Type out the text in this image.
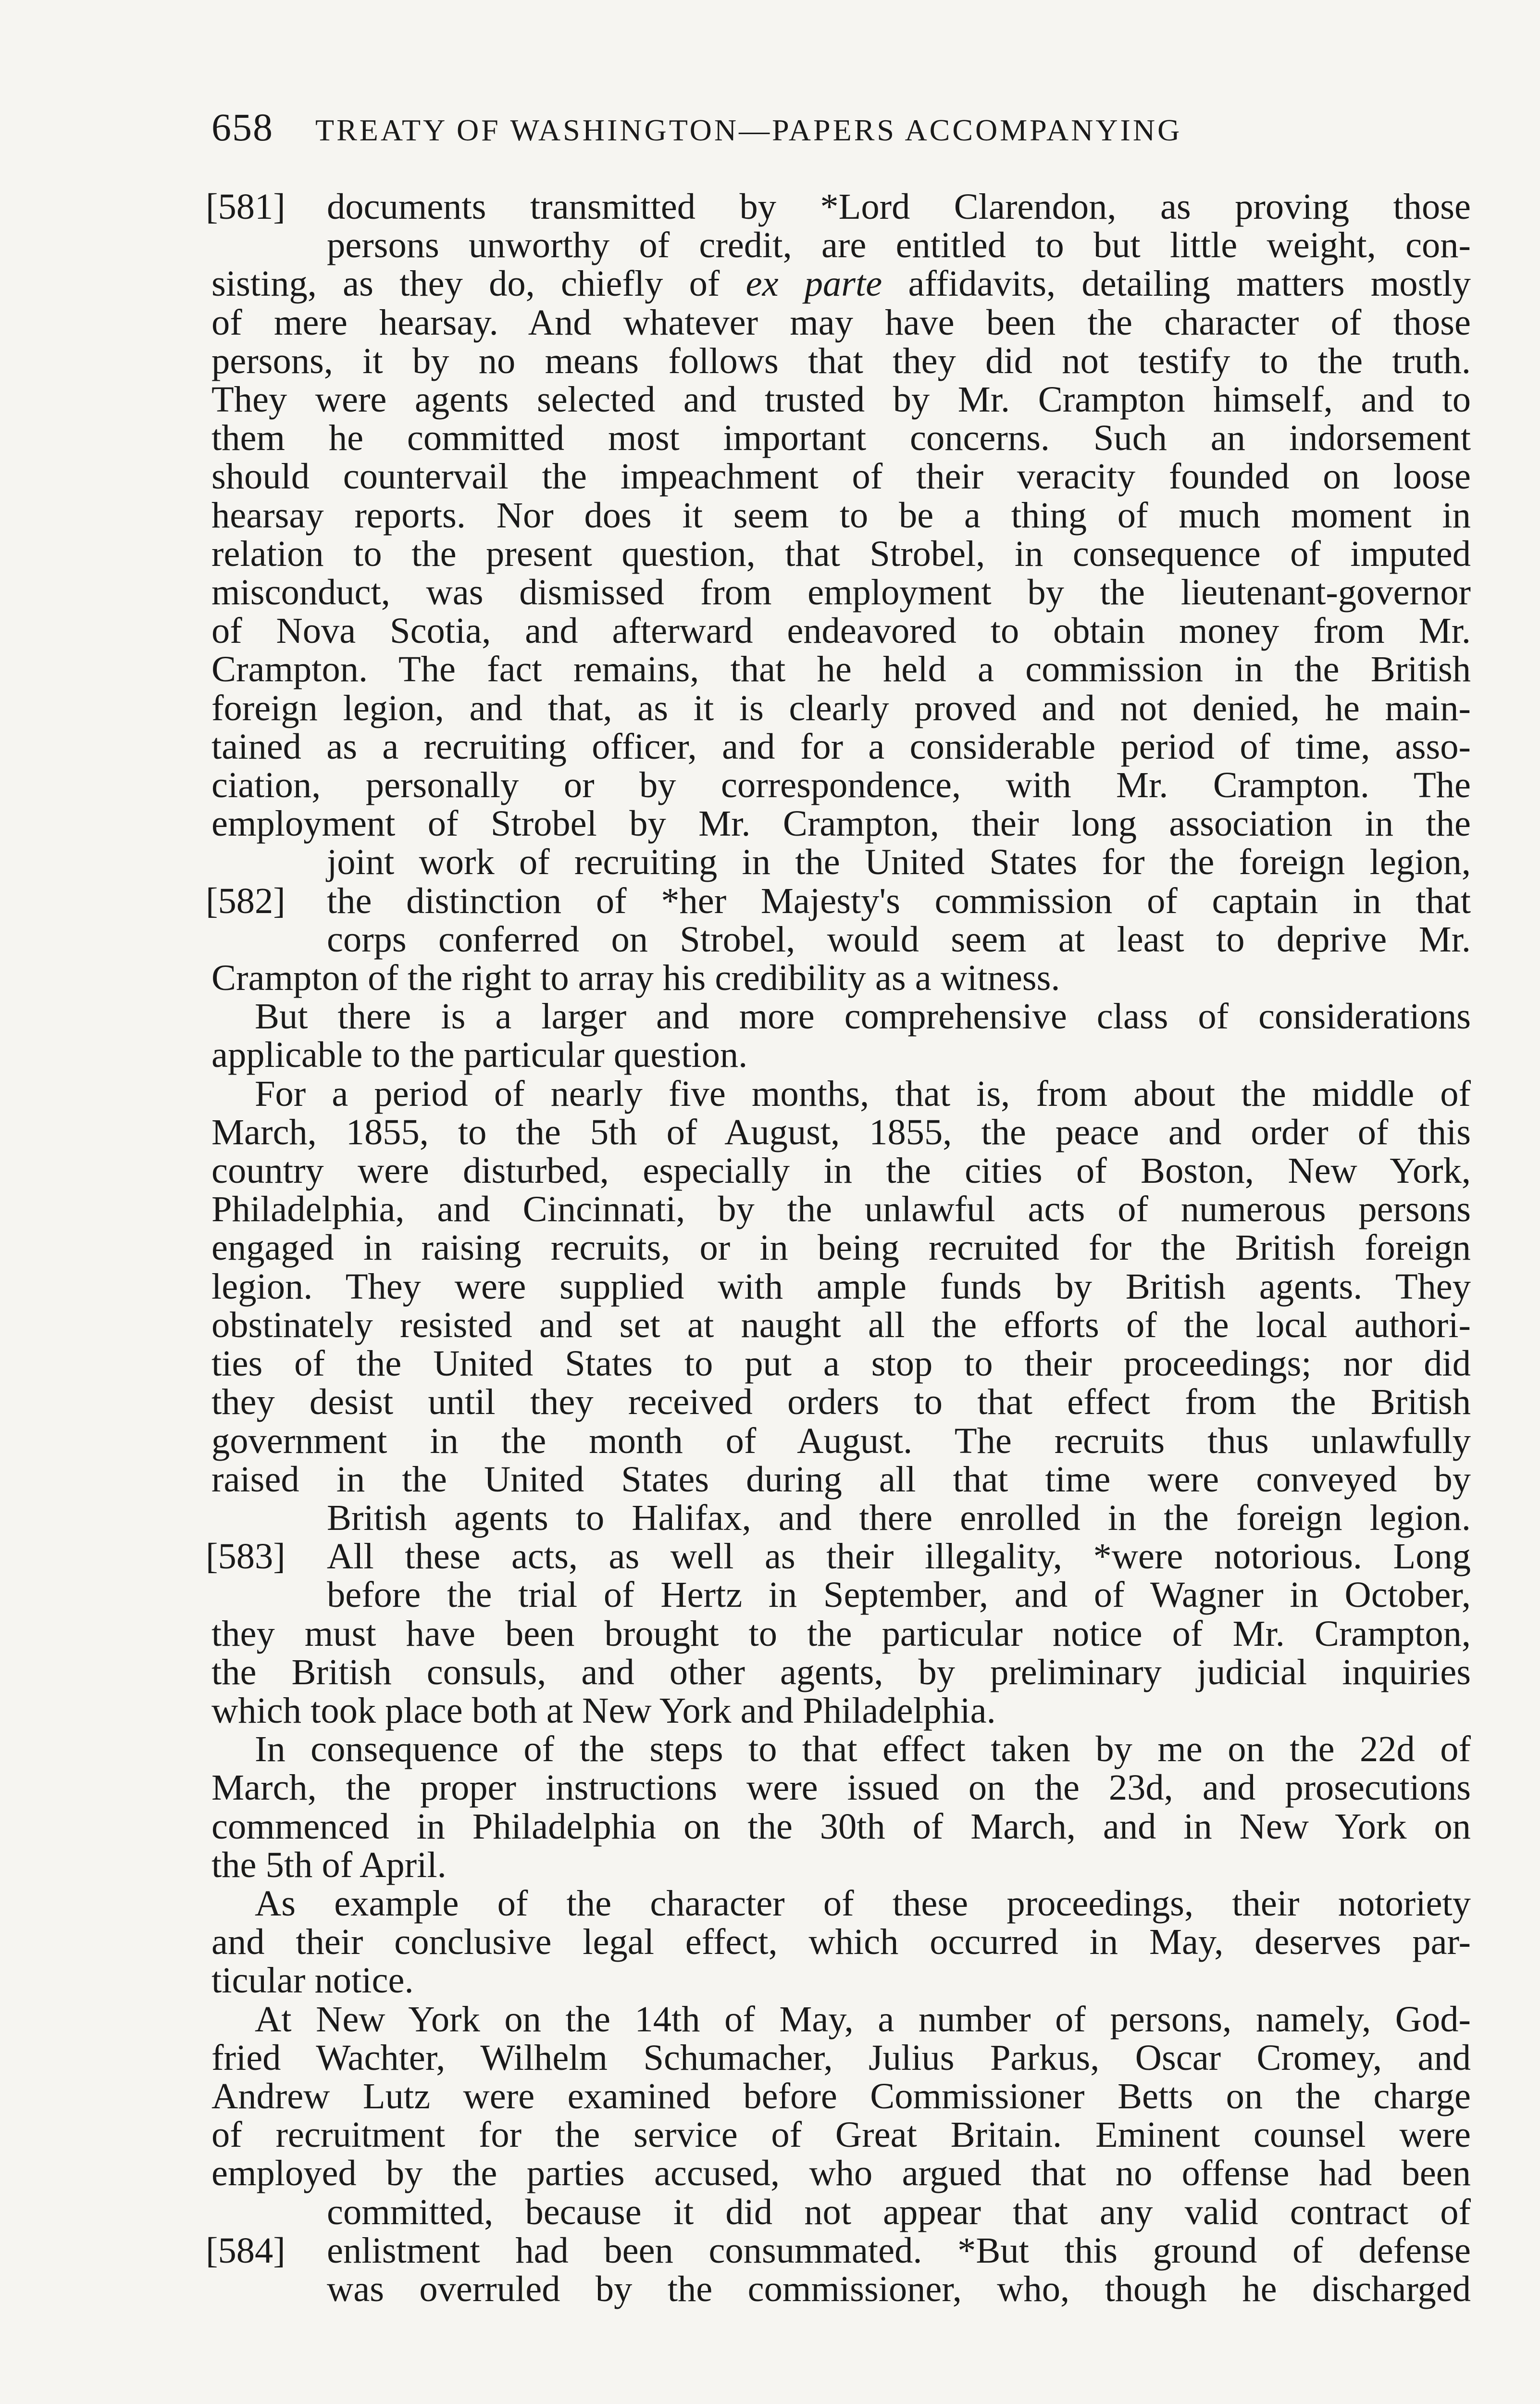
658 TREATY OF WASHINGTON—PAPERS ACCOMPANYING
[581]
[582]
[583]
[584]
documents transmitted by *Lord Clarendon, as proving those
persons unworthy of credit, are entitled to but little weight, con-
sisting, as they do, chiefly of ex parte affidavits, detailing matters mostly
of mere hearsay. And whatever may have been the character of those
persons, it by no means follows that they did not testify to the truth.
They were agents selected and trusted by Mr. Crampton himself, and to
them he committed most important concerns. Such an indorsement
should countervail the impeachment of their veracity founded on loose
hearsay reports. Nor does it seem to be a thing of much moment in
relation to the present question, that Strobel, in consequence of imputed
misconduct, was dismissed from employment by the lieutenant-governor
of Nova Scotia, and afterward endeavored to obtain money from Mr.
Crampton. The fact remains, that he held a commission in the British
foreign legion, and that, as it is clearly proved and not denied, he main-
tained as a recruiting officer, and for a considerable period of time, asso-
ciation, personally or by correspondence, with Mr. Crampton. The
employment of Strobel by Mr. Crampton, their long association in the
joint work of recruiting in the United States for the foreign legion,
the distinction of *her Majesty's commission of captain in that
corps conferred on Strobel, would seem at least to deprive Mr.
Crampton of the right to array his credibility as a witness.
But there is a larger and more comprehensive class of considerations
applicable to the particular question.
For a period of nearly five months, that is, from about the middle of
March, 1855, to the 5th of August, 1855, the peace and order of this
country were disturbed, especially in the cities of Boston, New York,
Philadelphia, and Cincinnati, by the unlawful acts of numerous persons
engaged in raising recruits, or in being recruited for the British foreign
legion. They were supplied with ample funds by British agents. They
obstinately resisted and set at naught all the efforts of the local authori-
ties of the United States to put a stop to their proceedings; nor did
they desist until they received orders to that effect from the British
government in the month of August. The recruits thus unlawfully
raised in the United States during all that time were conveyed by
British agents to Halifax, and there enrolled in the foreign legion.
All these acts, as well as their illegality, *were notorious. Long
before the trial of Hertz in September, and of Wagner in October,
they must have been brought to the particular notice of Mr. Crampton,
the British consuls, and other agents, by preliminary judicial inquiries
which took place both at New York and Philadelphia.
In consequence of the steps to that effect taken by me on the 22d of
March, the proper instructions were issued on the 23d, and prosecutions
commenced in Philadelphia on the 30th of March, and in New York on
the 5th of April.
As example of the character of these proceedings, their notoriety
and their conclusive legal effect, which occurred in May, deserves par-
ticular notice.
At New York on the 14th of May, a number of persons, namely, God-
fried Wachter, Wilhelm Schumacher, Julius Parkus, Oscar Cromey, and
Andrew Lutz were examined before Commissioner Betts on the charge
of recruitment for the service of Great Britain. Eminent counsel were
employed by the parties accused, who argued that no offense had been
committed, because it did not appear that any valid contract of
enlistment had been consummated. *But this ground of defense
was overruled by the commissioner, who, though he discharged
